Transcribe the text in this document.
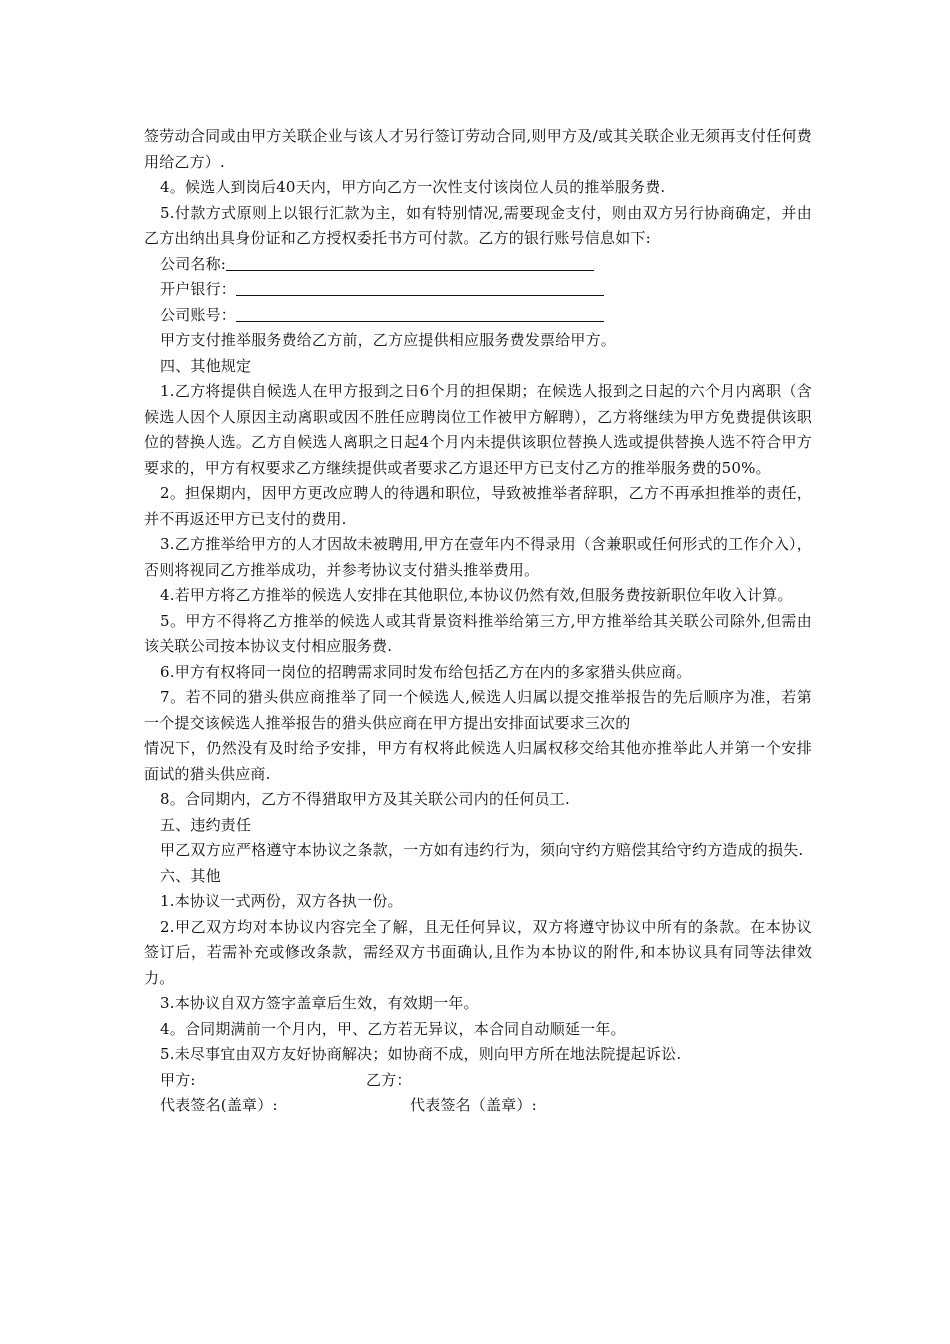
签劳动合同或由甲方关联企业与该人才另行签订劳动合同,则甲方及/或其关联企业无须再支付任何费用给乙方）.

4。候选人到岗后40天内，甲方向乙方一次性支付该岗位人员的推举服务费.

5.付款方式原则上以银行汇款为主，如有特别情况,需要现金支付，则由双方另行协商确定，并由乙方出纳出具身份证和乙方授权委托书方可付款。乙方的银行账号信息如下:

公司名称:
开户银行：
公司账号：

甲方支付推举服务费给乙方前，乙方应提供相应服务费发票给甲方。

四、其他规定

1.乙方将提供自候选人在甲方报到之日6个月的担保期；在候选人报到之日起的六个月内离职（含候选人因个人原因主动离职或因不胜任应聘岗位工作被甲方解聘），乙方将继续为甲方免费提供该职位的替换人选。乙方自候选人离职之日起4个月内未提供该职位替换人选或提供替换人选不符合甲方要求的，甲方有权要求乙方继续提供或者要求乙方退还甲方已支付乙方的推举服务费的50%。

2。担保期内，因甲方更改应聘人的待遇和职位，导致被推举者辞职，乙方不再承担推举的责任，并不再返还甲方已支付的费用.

3.乙方推举给甲方的人才因故未被聘用,甲方在壹年内不得录用（含兼职或任何形式的工作介入），否则将视同乙方推举成功，并参考协议支付猎头推举费用。

4.若甲方将乙方推举的候选人安排在其他职位,本协议仍然有效,但服务费按新职位年收入计算。

5。甲方不得将乙方推举的候选人或其背景资料推举给第三方,甲方推举给其关联公司除外,但需由该关联公司按本协议支付相应服务费.

6.甲方有权将同一岗位的招聘需求同时发布给包括乙方在内的多家猎头供应商。

7。若不同的猎头供应商推举了同一个候选人,候选人归属以提交推举报告的先后顺序为准，若第一个提交该候选人推举报告的猎头供应商在甲方提出安排面试要求三次的

情况下，仍然没有及时给予安排，甲方有权将此候选人归属权移交给其他亦推举此人并第一个安排面试的猎头供应商.

8。合同期内，乙方不得猎取甲方及其关联公司内的任何员工.

五、违约责任

甲乙双方应严格遵守本协议之条款，一方如有违约行为，须向守约方赔偿其给守约方造成的损失.

六、其他

1.本协议一式两份，双方各执一份。

2.甲乙双方均对本协议内容完全了解，且无任何异议，双方将遵守协议中所有的条款。在本协议签订后，若需补充或修改条款，需经双方书面确认,且作为本协议的附件,和本协议具有同等法律效力。

3.本协议自双方签字盖章后生效，有效期一年。

4。合同期满前一个月内，甲、乙方若无异议，本合同自动顺延一年。

5.未尽事宜由双方友好协商解决；如协商不成，则向甲方所在地法院提起诉讼.

甲方:	乙方：
代表签名(盖章）:	代表签名（盖章）:
